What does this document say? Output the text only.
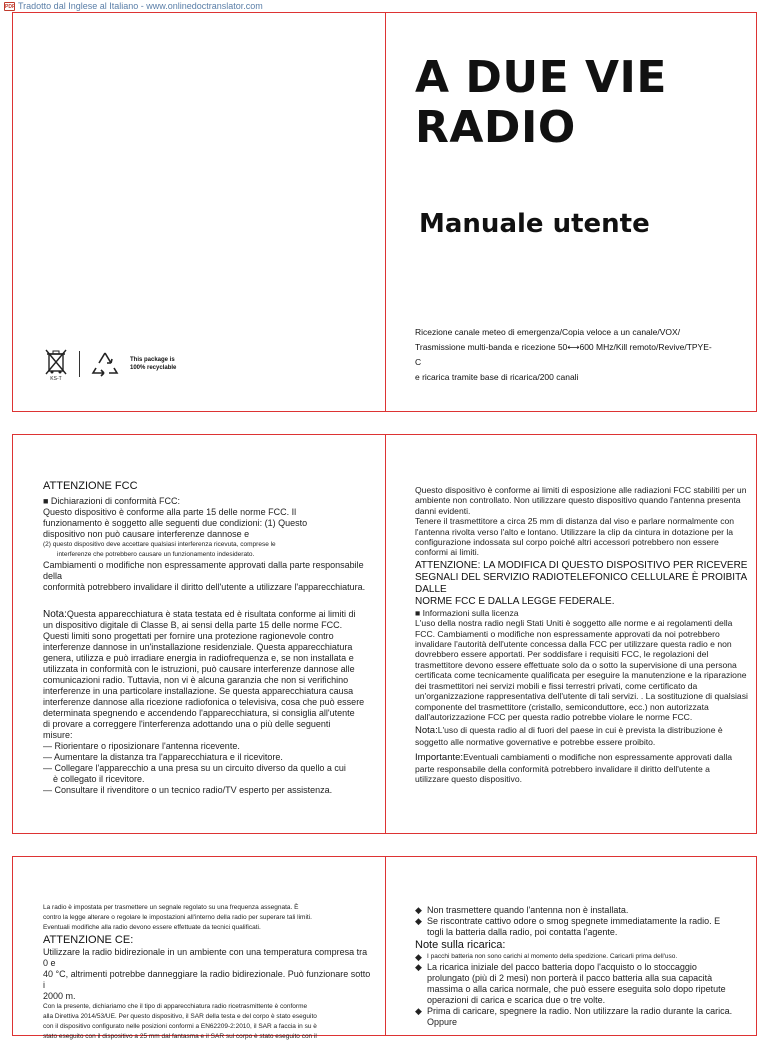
PDF Tradotto dal Inglese al Italiano - www.onlinedoctranslator.com
KS-T
This package is
100% recyclable
A DUE VIE
RADIO
Manuale utente
Ricezione canale meteo di emergenza/Copia veloce a un canale/VOX/
Trasmissione multi-banda e ricezione 50⟷600 MHz/Kill remoto/Revive/TPYE-C
e ricarica tramite base di ricarica/200 canali
ATTENZIONE FCC

■ Dichiarazioni di conformità FCC:

Questo dispositivo è conforme alla parte 15 delle norme FCC. Il

funzionamento è soggetto alle seguenti due condizioni: (1) Questo

dispositivo non può causare interferenze dannose e

(2) questo dispositivo deve accettare qualsiasi interferenza ricevuta, comprese le

interferenze che potrebbero causare un funzionamento indesiderato.

Cambiamenti o modifiche non espressamente approvati dalla parte responsabile della

conformità potrebbero invalidare il diritto dell'utente a utilizzare l'apparecchiatura.

Nota:Questa apparecchiatura è stata testata ed è risultata conforme ai limiti di

un dispositivo digitale di Classe B, ai sensi della parte 15 delle norme FCC.

Questi limiti sono progettati per fornire una protezione ragionevole contro

interferenze dannose in un'installazione residenziale. Questa apparecchiatura

genera, utilizza e può irradiare energia in radiofrequenza e, se non installata e

utilizzata in conformità con le istruzioni, può causare interferenze dannose alle

comunicazioni radio. Tuttavia, non vi è alcuna garanzia che non si verifichino

interferenze in una particolare installazione. Se questa apparecchiatura causa

interferenze dannose alla ricezione radiofonica o televisiva, cosa che può essere

determinata spegnendo e accendendo l'apparecchiatura, si consiglia all'utente

di provare a correggere l'interferenza adottando una o più delle seguenti

misure:

— Riorientare o riposizionare l'antenna ricevente.

— Aumentare la distanza tra l'apparecchiatura e il ricevitore.

— Collegare l'apparecchio a una presa su un circuito diverso da quello a cui

è collegato il ricevitore.

— Consultare il rivenditore o un tecnico radio/TV esperto per assistenza.

Questo dispositivo è conforme ai limiti di esposizione alle radiazioni FCC stabiliti per un

ambiente non controllato. Non utilizzare questo dispositivo quando l'antenna presenta

danni evidenti.

Tenere il trasmettitore a circa 25 mm di distanza dal viso e parlare normalmente con

l'antenna rivolta verso l'alto e lontano. Utilizzare la clip da cintura in dotazione per la

configurazione indossata sul corpo poiché altri accessori potrebbero non essere

conformi ai limiti.

ATTENZIONE: LA MODIFICA DI QUESTO DISPOSITIVO PER RICEVERE
SEGNALI DEL SERVIZIO RADIOTELEFONICO CELLULARE È PROIBITA DALLE
NORME FCC E DALLA LEGGE FEDERALE.

■ Informazioni sulla licenza

L'uso della nostra radio negli Stati Uniti è soggetto alle norme e ai regolamenti della

FCC. Cambiamenti o modifiche non espressamente approvati da noi potrebbero

invalidare l'autorità dell'utente concessa dalla FCC per utilizzare questa radio e non

dovrebbero essere apportati. Per soddisfare i requisiti FCC, le regolazioni del

trasmettitore devono essere effettuate solo da o sotto la supervisione di una persona

certificata come tecnicamente qualificata per eseguire la manutenzione e la riparazione

dei trasmettitori nei servizi mobili e fissi terrestri privati, come certificato da

un'organizzazione rappresentativa dell'utente di tali servizi. . La sostituzione di qualsiasi

componente del trasmettitore (cristallo, semiconduttore, ecc.) non autorizzata

dall'autorizzazione FCC per questa radio potrebbe violare le norme FCC.

Nota:L'uso di questa radio al di fuori del paese in cui è prevista la distribuzione è

soggetto alle normative governative e potrebbe essere proibito.

Importante:Eventuali cambiamenti o modifiche non espressamente approvati dalla

parte responsabile della conformità potrebbero invalidare il diritto dell'utente a

utilizzare questo dispositivo.

La radio è impostata per trasmettere un segnale regolato su una frequenza assegnata. È

contro la legge alterare o regolare le impostazioni all'interno della radio per superare tali limiti.

Eventuali modifiche alla radio devono essere effettuate da tecnici qualificati.

ATTENZIONE CE:

Utilizzare la radio bidirezionale in un ambiente con una temperatura compresa tra 0 e

40 °C, altrimenti potrebbe danneggiare la radio bidirezionale. Può funzionare sotto i

2000 m.

Con la presente, dichiariamo che il tipo di apparecchiatura radio ricetrasmittente è conforme

alla Direttiva 2014/53/UE. Per questo dispositivo, il SAR della testa e del corpo è stato eseguito

con il dispositivo configurato nelle posizioni conformi a EN62209-2:2010, il SAR a faccia in su è

stato eseguito con il dispositivo a 25 mm dal fantasma e il SAR sul corpo è stato eseguito con il

◆ Non trasmettere quando l'antenna non è installata.
◆ Se riscontrate cattivo odore o smog spegnete immediatamente la radio. E
togli la batteria dalla radio, poi contatta l'agente.
Note sulla ricarica:
◆ I pacchi batteria non sono carichi al momento della spedizione. Caricarli prima dell'uso.
◆ La ricarica iniziale del pacco batteria dopo l'acquisto o lo stoccaggio
prolungato (più di 2 mesi) non porterà il pacco batteria alla sua capacità
massima o alla carica normale, che può essere eseguita solo dopo ripetute
operazioni di carica e scarica due o tre volte.
◆ Prima di caricare, spegnere la radio. Non utilizzare la radio durante la carica. Oppure
